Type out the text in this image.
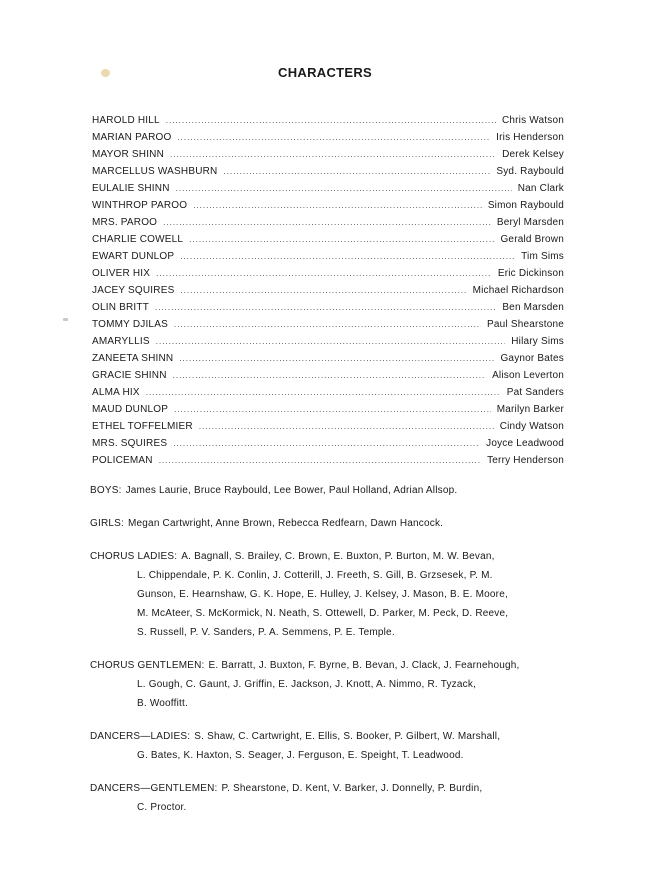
CHARACTERS
HAROLD HILL .....	Chris Watson
MARIAN PAROO .....	Iris Henderson
MAYOR SHINN .....	Derek Kelsey
MARCELLUS WASHBURN .....	Syd. Raybould
EULALIE SHINN .....	Nan Clark
WINTHROP PAROO .....	Simon Raybould
MRS. PAROO .....	Beryl Marsden
CHARLIE COWELL .....	Gerald Brown
EWART DUNLOP .....	Tim Sims
OLIVER HIX .....	Eric Dickinson
JACEY SQUIRES .....	Michael Richardson
OLIN BRITT .....	Ben Marsden
TOMMY DJILAS .....	Paul Shearstone
AMARYLLIS .....	Hilary Sims
ZANEETA SHINN .....	Gaynor Bates
GRACIE SHINN .....	Alison Leverton
ALMA HIX .....	Pat Sanders
MAUD DUNLOP .....	Marilyn Barker
ETHEL TOFFELMIER .....	Cindy Watson
MRS. SQUIRES .....	Joyce Leadwood
POLICEMAN .....	Terry Henderson
BOYS: James Laurie, Bruce Raybould, Lee Bower, Paul Holland, Adrian Allsop.
GIRLS: Megan Cartwright, Anne Brown, Rebecca Redfearn, Dawn Hancock.
CHORUS LADIES: A. Bagnall, S. Brailey, C. Brown, E. Buxton, P. Burton, M. W. Bevan,
L. Chippendale, P. K. Conlin, J. Cotterill, J. Freeth, S. Gill, B. Grzsesek, P. M.
Gunson, E. Hearnshaw, G. K. Hope, E. Hulley, J. Kelsey, J. Mason, B. E. Moore,
M. McAteer, S. McKormick, N. Neath, S. Ottewell, D. Parker, M. Peck, D. Reeve,
S. Russell, P. V. Sanders, P. A. Semmens, P. E. Temple.
CHORUS GENTLEMEN: E. Barratt, J. Buxton, F. Byrne, B. Bevan, J. Clack, J. Fearnehough,
L. Gough, C. Gaunt, J. Griffin, E. Jackson, J. Knott, A. Nimmo, R. Tyzack,
B. Wooffitt.
DANCERS—LADIES: S. Shaw, C. Cartwright, E. Ellis, S. Booker, P. Gilbert, W. Marshall,
G. Bates, K. Haxton, S. Seager, J. Ferguson, E. Speight, T. Leadwood.
DANCERS—GENTLEMEN: P. Shearstone, D. Kent, V. Barker, J. Donnelly, P. Burdin,
C. Proctor.
